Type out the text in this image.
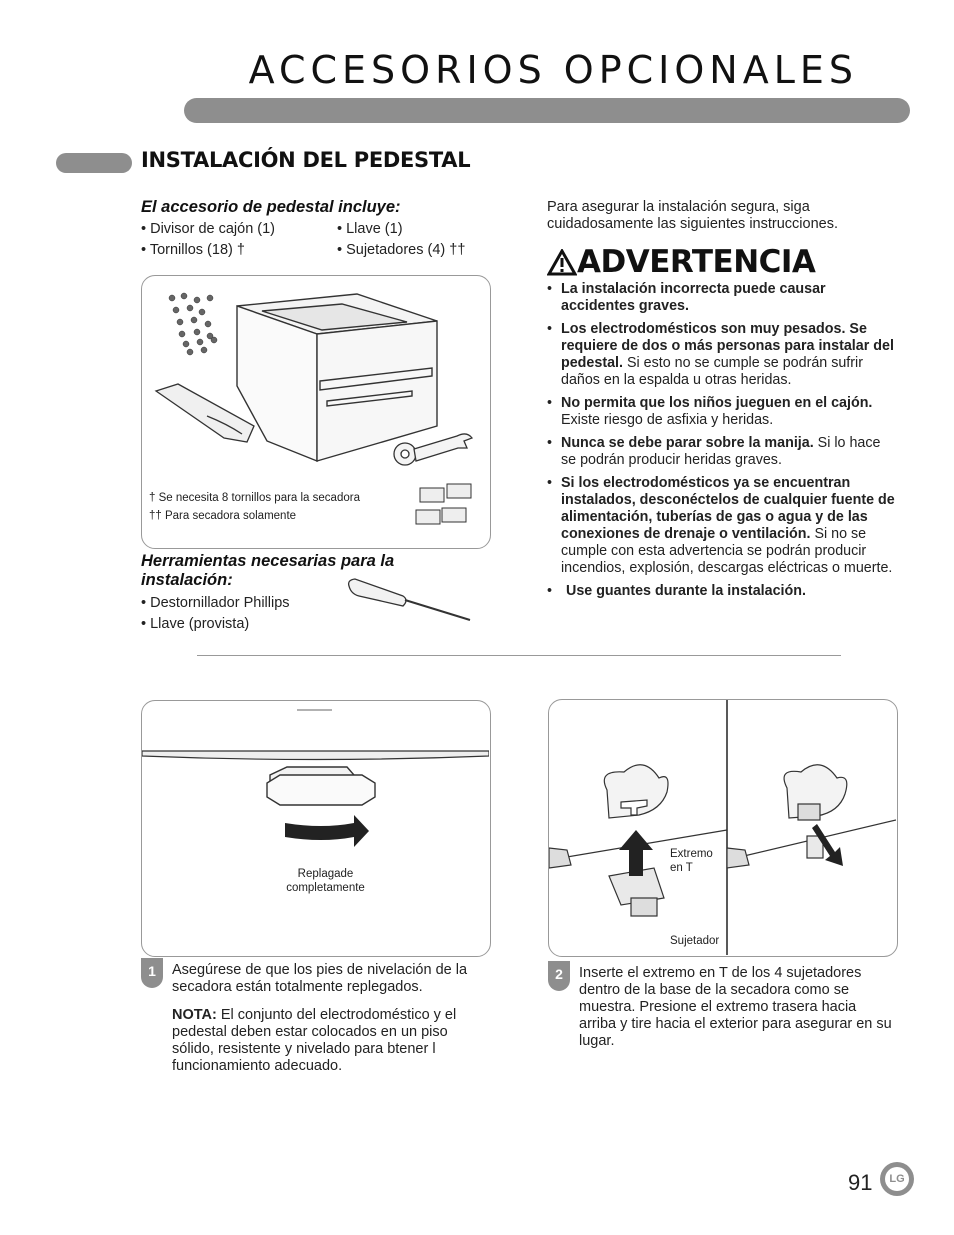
ACCESORIOS OPCIONALES
INSTALACIÓN DEL PEDESTAL
El accesorio de pedestal incluye:
• Divisor de cajón (1)	• Llave (1)
• Tornillos (18) †	• Sujetadores (4) ††
† Se necesita 8 tornillos para la secadora
†† Para secadora solamente
Herramientas necesarias para la instalación:
• Destornillador Phillips
• Llave (provista)
Para asegurar la instalación segura, siga cuidadosamente las siguientes instrucciones.
ADVERTENCIA
• La instalación incorrecta puede causar accidentes graves.
• Los electrodomésticos son muy pesados. Se requiere de dos o más personas para instalar del pedestal. Si esto no se cumple se podrán sufrir daños en la espalda u otras heridas.
• No permita que los niños jueguen en el cajón. Existe riesgo de asfixia y heridas.
• Nunca se debe parar sobre la manija. Si lo hace se podrán producir heridas graves.
• Si los electrodomésticos ya se encuentran instalados, desconéctelos de cualquier fuente de alimentación, tuberías de gas o agua y de las conexiones de drenaje o ventilación. Si no se cumple con esta advertencia se podrán producir incendios, explosión, descargas eléctricas o muerte.
• Use guantes durante la instalación.
Replagade
completamente
1	Asegúrese de que los pies de nivelación de la secadora están totalmente replegados.
NOTA: El conjunto del electrodoméstico y el pedestal deben estar colocados en un piso sólido, resistente y nivelado para btener l funcionamiento adecuado.
Extremo
en T
Sujetador
2	Inserte el extremo en T de los 4 sujetadores dentro de la base de la secadora como se muestra. Presione el extremo trasera hacia arriba y tire hacia el exterior para asegurar en su lugar.
91	LG
